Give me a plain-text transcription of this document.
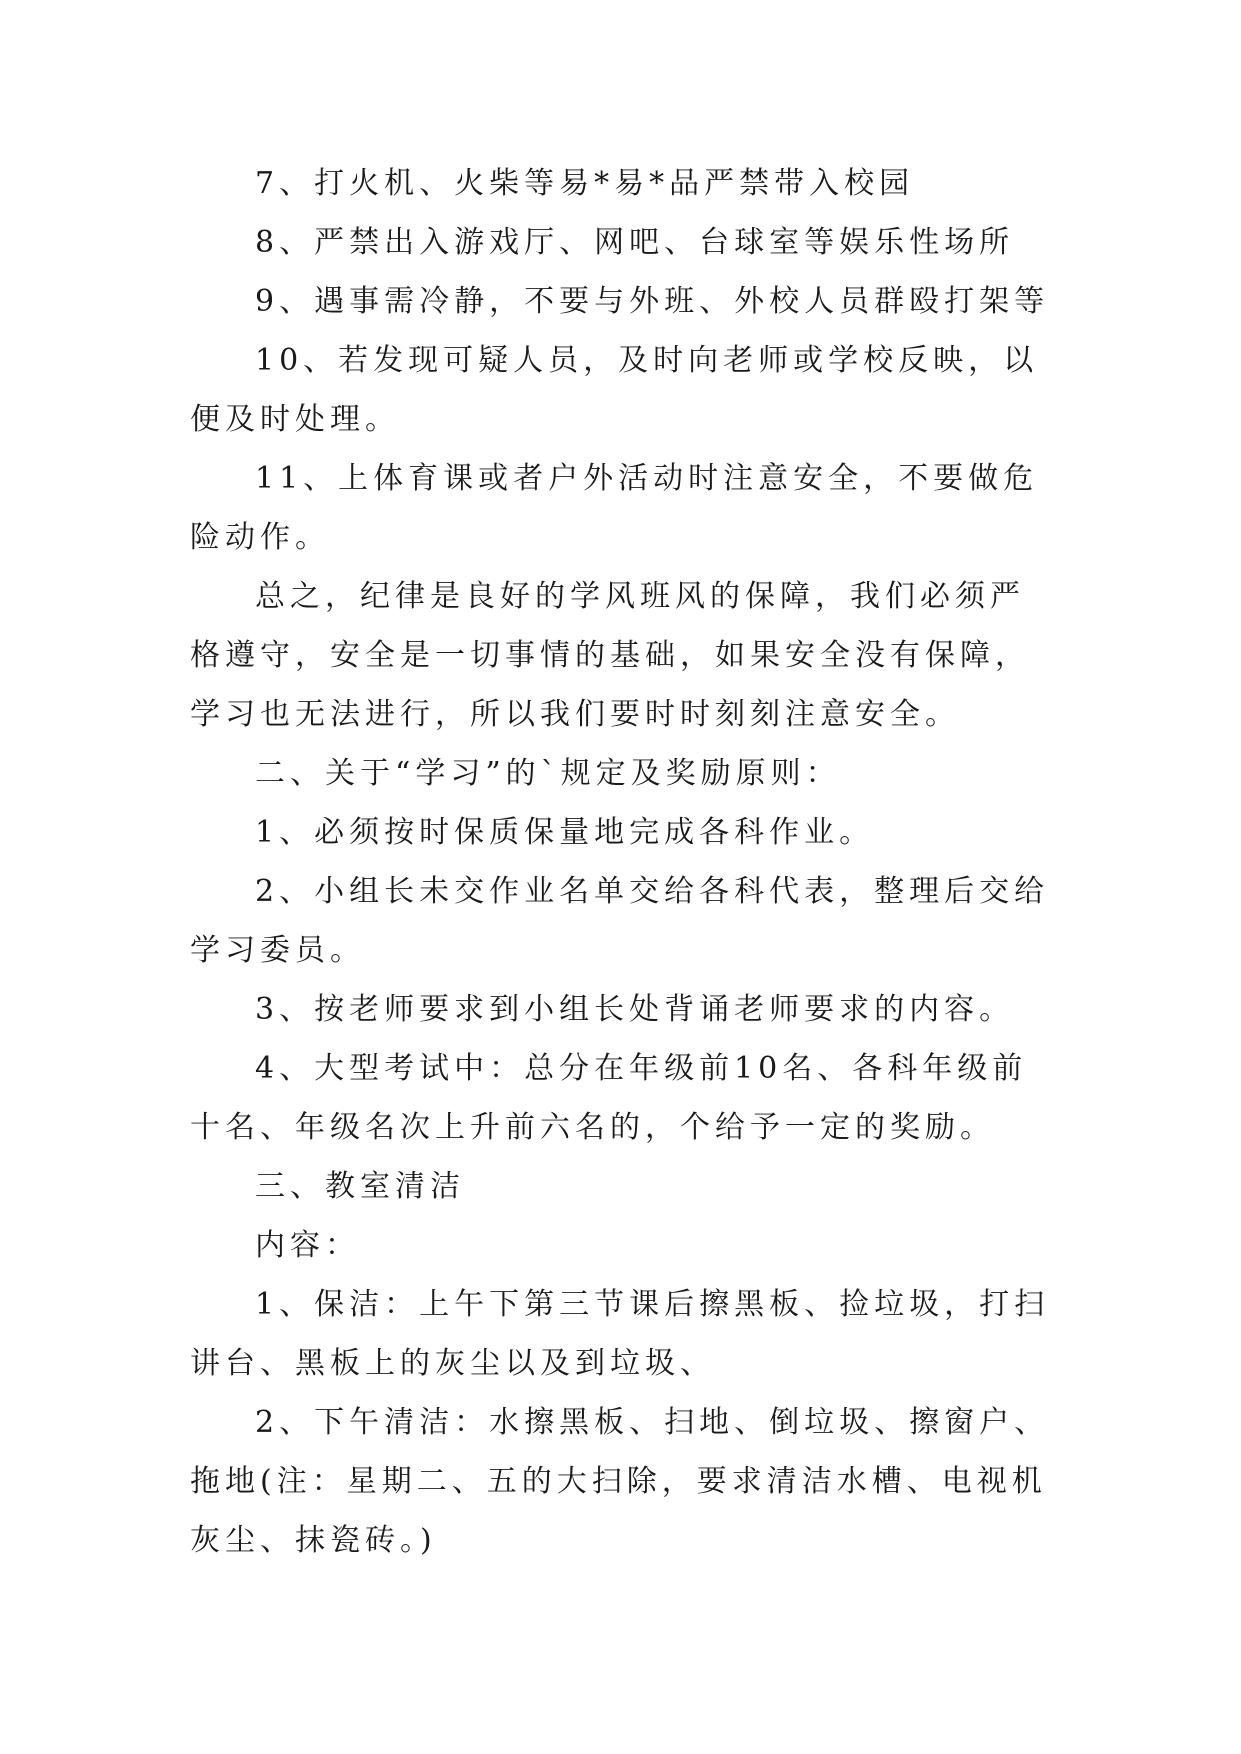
7、打火机、火柴等易*易*品严禁带入校园

8、严禁出入游戏厅、网吧、台球室等娱乐性场所

9、遇事需冷静，不要与外班、外校人员群殴打架等

10、若发现可疑人员，及时向老师或学校反映，以便及时处理。

11、上体育课或者户外活动时注意安全，不要做危险动作。

总之，纪律是良好的学风班风的保障，我们必须严格遵守，安全是一切事情的基础，如果安全没有保障，学习也无法进行，所以我们要时时刻刻注意安全。

二、关于“学习”的`规定及奖励原则：

1、必须按时保质保量地完成各科作业。

2、小组长未交作业名单交给各科代表，整理后交给学习委员。

3、按老师要求到小组长处背诵老师要求的内容。

4、大型考试中：总分在年级前10名、各科年级前十名、年级名次上升前六名的，个给予一定的奖励。

三、教室清洁

内容：

1、保洁：上午下第三节课后擦黑板、捡垃圾，打扫讲台、黑板上的灰尘以及到垃圾、

2、下午清洁：水擦黑板、扫地、倒垃圾、擦窗户、拖地(注：星期二、五的大扫除，要求清洁水槽、电视机灰尘、抹瓷砖。)
